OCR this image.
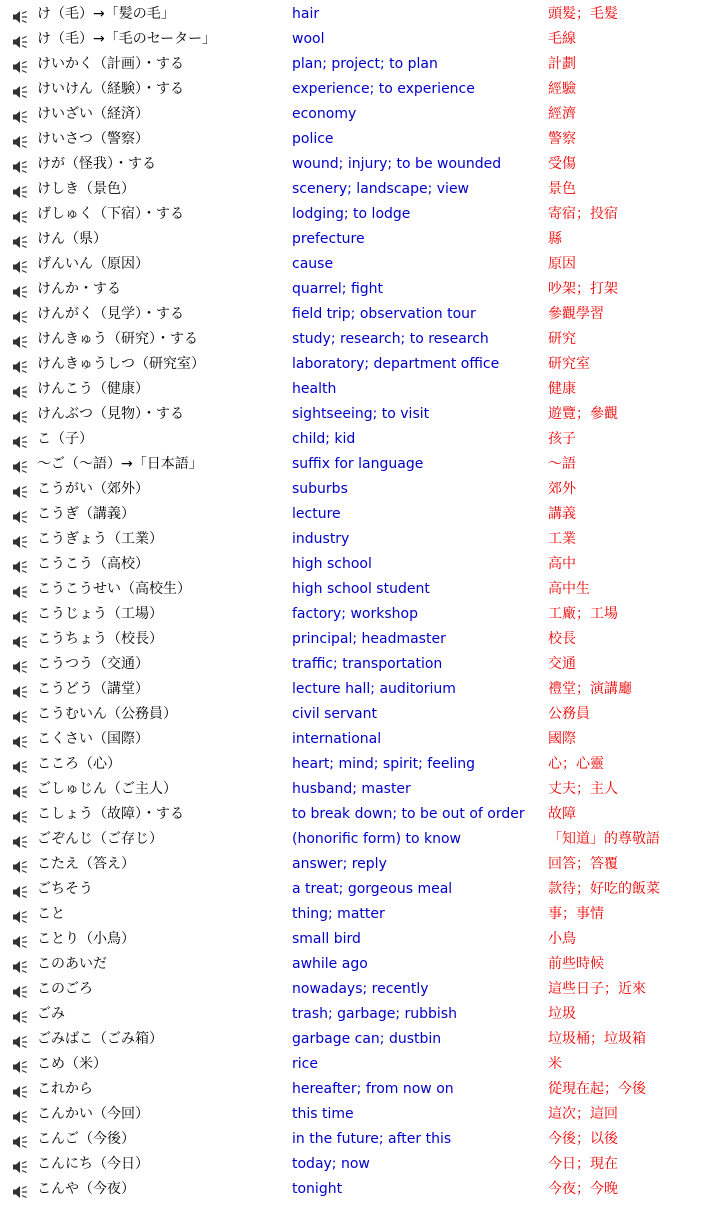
け（毛）→「髪の毛」	hair	頭髮；毛髮
け（毛）→「毛のセーター」	wool	毛線
けいかく（計画）・する	plan; project; to plan	計劃
けいけん（経験）・する	experience; to experience	經驗
けいざい（経済）	economy	經濟
けいさつ（警察）	police	警察
けが（怪我）・する	wound; injury; to be wounded	受傷
けしき（景色）	scenery; landscape; view	景色
げしゅく（下宿）・する	lodging; to lodge	寄宿；投宿
けん（県）	prefecture	縣
げんいん（原因）	cause	原因
けんか・する	quarrel; fight	吵架；打架
けんがく（見学）・する	field trip; observation tour	參觀學習
けんきゅう（研究）・する	study; research; to research	研究
けんきゅうしつ（研究室）	laboratory; department office	研究室
けんこう（健康）	health	健康
けんぶつ（見物）・する	sightseeing; to visit	遊覽；參觀
こ（子）	child; kid	孩子
～ご（～語）→「日本語」	suffix for language	～語
こうがい（郊外）	suburbs	郊外
こうぎ（講義）	lecture	講義
こうぎょう（工業）	industry	工業
こうこう（高校）	high school	高中
こうこうせい（高校生）	high school student	高中生
こうじょう（工場）	factory; workshop	工廠；工場
こうちょう（校長）	principal; headmaster	校長
こうつう（交通）	traffic; transportation	交通
こうどう（講堂）	lecture hall; auditorium	禮堂；演講廳
こうむいん（公務員）	civil servant	公務員
こくさい（国際）	international	國際
こころ（心）	heart; mind; spirit; feeling	心；心靈
ごしゅじん（ご主人）	husband; master	丈夫；主人
こしょう（故障）・する	to break down; to be out of order 故障
ごぞんじ（ご存じ）	(honorific form) to know	「知道」的尊敬語
こたえ（答え）	answer; reply	回答；答覆
ごちそう	a treat; gorgeous meal	款待；好吃的飯菜
こと	thing; matter	事；事情
ことり（小鳥）	small bird	小鳥
このあいだ	awhile ago	前些時候
このごろ	nowadays; recently	這些日子；近來
ごみ	trash; garbage; rubbish	垃圾
ごみばこ（ごみ箱）	garbage can; dustbin	垃圾桶；垃圾箱
こめ（米）	rice	米
これから	hereafter; from now on	從現在起；今後
こんかい（今回）	this time	這次；這回
こんご（今後）	in the future; after this	今後；以後
こんにち（今日）	today; now	今日；現在
こんや（今夜）	tonight	今夜；今晚
